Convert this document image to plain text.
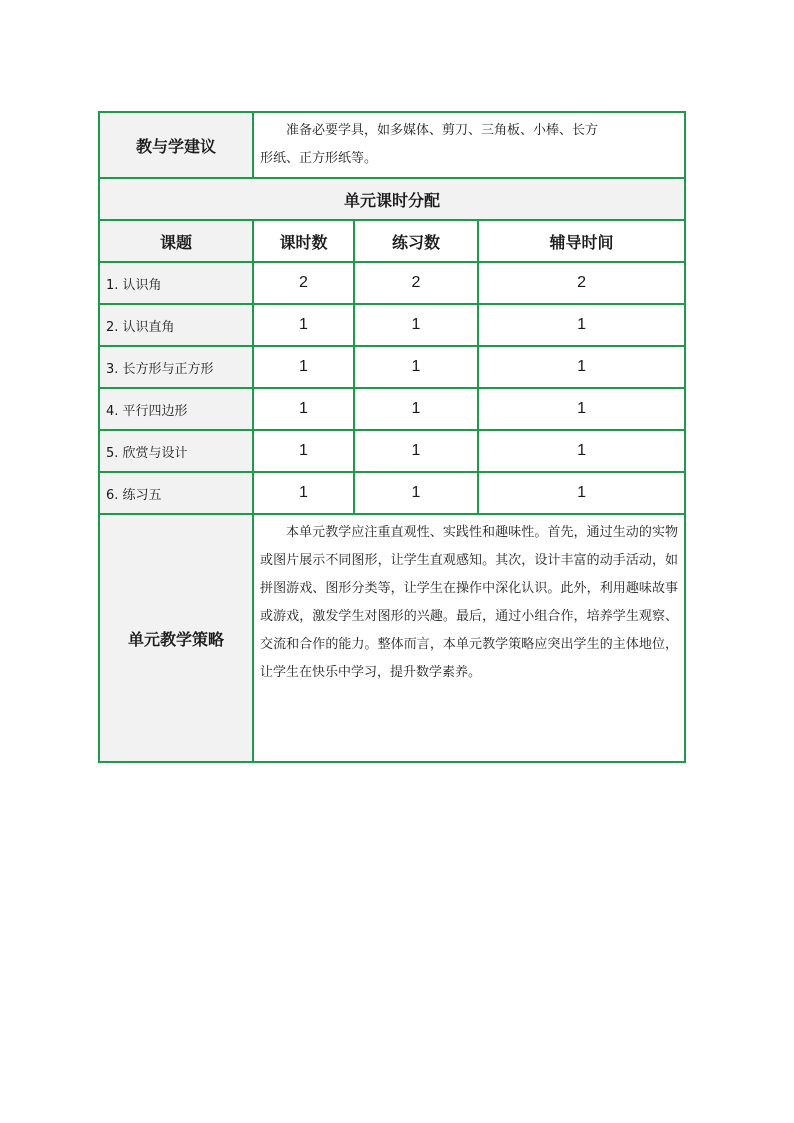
教与学建议	准备必要学具，如多媒体、剪刀、三角板、小棒、长方
形纸、正方形纸等。		

单元课时分配			
课题	课时数	练习数	辅导时间
1. 认识角	2	2	2
2. 认识直角	1	1	1
3. 长方形与正方形	1	1	1
4. 平行四边形	1	1	1
5. 欣赏与设计	1	1	1
6. 练习五	1	1	1
单元教学策略	本单元教学应注重直观性、实践性和趣味性。首先，通过生动的实物或图片展示不同图形，让学生直观感知。其次，设计丰富的动手活动，如拼图游戏、图形分类等，让学生在操作中深化认识。此外，利用趣味故事或游戏，激发学生对图形的兴趣。最后，通过小组合作，培养学生观察、交流和合作的能力。整体而言，本单元教学策略应突出学生的主体地位，让学生在快乐中学习，提升数学素养。		
